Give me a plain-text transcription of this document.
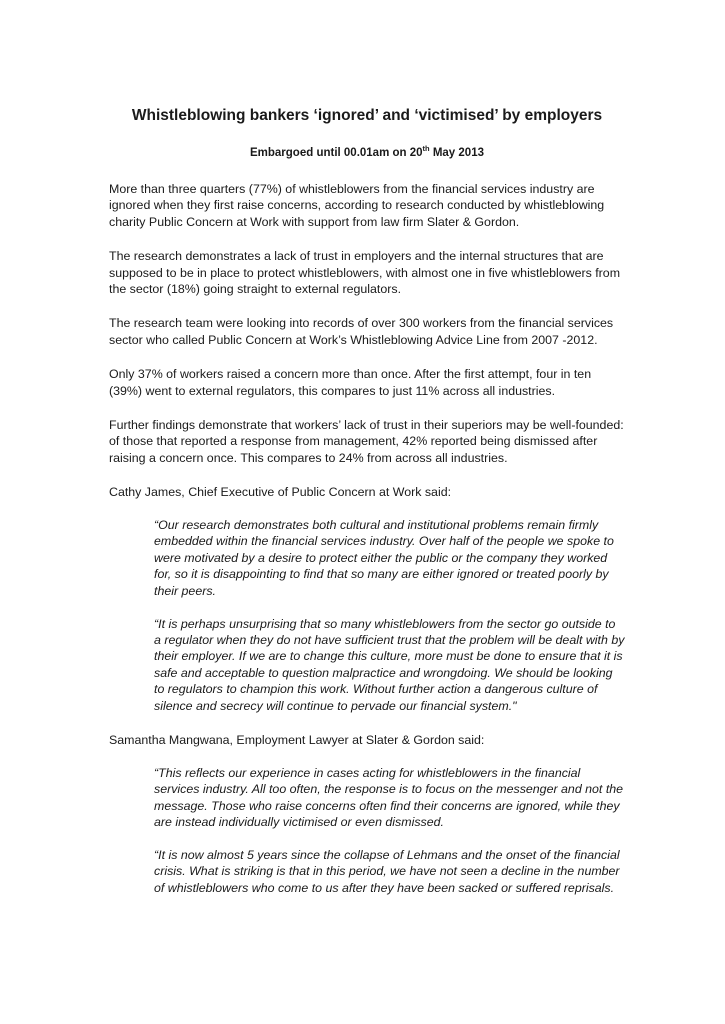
Whistleblowing bankers ‘ignored’ and ‘victimised’ by employers

Embargoed until 00.01am on 20th May 2013

More than three quarters (77%) of whistleblowers from the financial services industry are ignored when they first raise concerns, according to research conducted by whistleblowing charity Public Concern at Work with support from law firm Slater & Gordon.

The research demonstrates a lack of trust in employers and the internal structures that are supposed to be in place to protect whistleblowers, with almost one in five whistleblowers from the sector (18%) going straight to external regulators.

The research team were looking into records of over 300 workers from the financial services sector who called Public Concern at Work’s Whistleblowing Advice Line from 2007 -2012.

Only 37% of workers raised a concern more than once. After the first attempt, four in ten (39%) went to external regulators, this compares to just 11% across all industries.

Further findings demonstrate that workers’ lack of trust in their superiors may be well-founded: of those that reported a response from management, 42% reported being dismissed after raising a concern once. This compares to 24% from across all industries.

Cathy James, Chief Executive of Public Concern at Work said:

“Our research demonstrates both cultural and institutional problems remain firmly embedded within the financial services industry. Over half of the people we spoke to were motivated by a desire to protect either the public or the company they worked for, so it is disappointing to find that so many are either ignored or treated poorly by their peers.

“It is perhaps unsurprising that so many whistleblowers from the sector go outside to a regulator when they do not have sufficient trust that the problem will be dealt with by their employer. If we are to change this culture, more must be done to ensure that it is safe and acceptable to question malpractice and wrongdoing. We should be looking to regulators to champion this work. Without further action a dangerous culture of silence and secrecy will continue to pervade our financial system."

Samantha Mangwana, Employment Lawyer at Slater & Gordon said:

“This reflects our experience in cases acting for whistleblowers in the financial services industry. All too often, the response is to focus on the messenger and not the message. Those who raise concerns often find their concerns are ignored, while they are instead individually victimised or even dismissed.

“It is now almost 5 years since the collapse of Lehmans and the onset of the financial crisis. What is striking is that in this period, we have not seen a decline in the number of whistleblowers who come to us after they have been sacked or suffered reprisals.
